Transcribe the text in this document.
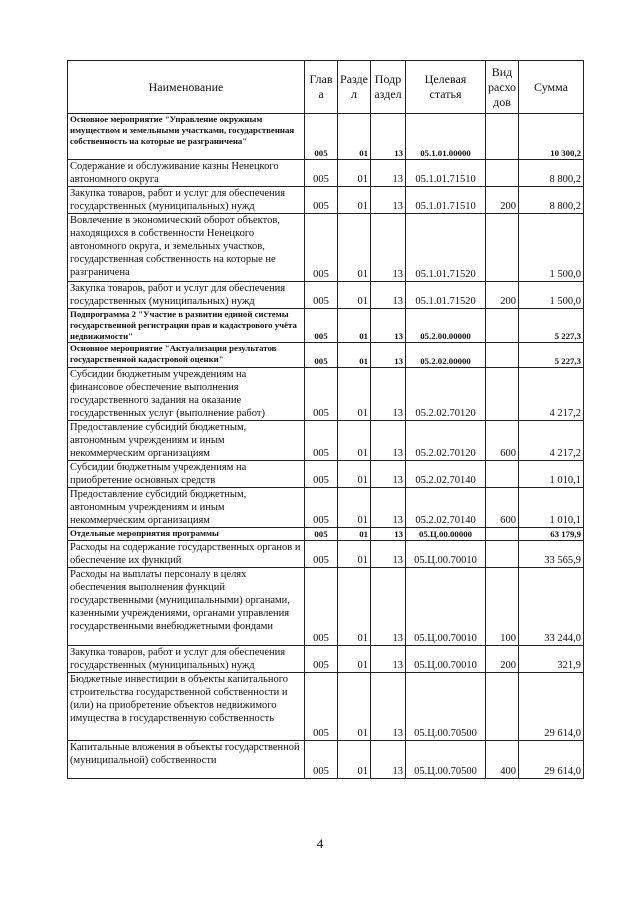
Наименование	Глав а	Разде л	Подр аздел	Целевая статья	Вид расхо дов	Сумма
Основное мероприятие "Управление окружным имуществом и земельными участками, государственная собственность на которые не разграничена"	005	01	13	05.1.01.00000		10 300,2
Содержание и обслуживание казны Ненецкого автономного округа	005	01	13	05.1.01.71510		8 800,2
Закупка товаров, работ и услуг для обеспечения государственных (муниципальных) нужд	005	01	13	05.1.01.71510	200	8 800,2
Вовлечение в экономический оборот объектов, находящихся в собственности Ненецкого автономного округа, и земельных участков, государственная собственность на которые не разграничена	005	01	13	05.1.01.71520		1 500,0
Закупка товаров, работ и услуг для обеспечения государственных (муниципальных) нужд	005	01	13	05.1.01.71520	200	1 500,0
Подпрограмма 2 "Участие в развитии единой системы государственной регистрации прав и кадастрового учёта недвижимости"	005	01	13	05.2.00.00000		5 227,3
Основное мероприятие "Актуализация результатов государственной кадастровой оценки"	005	01	13	05.2.02.00000		5 227,3
Субсидии бюджетным учреждениям на финансовое обеспечение выполнения государственного задания на оказание государственных услуг (выполнение работ)	005	01	13	05.2.02.70120		4 217,2
Предоставление субсидий бюджетным, автономным учреждениям и иным некоммерческим организациям	005	01	13	05.2.02.70120	600	4 217,2
Субсидии бюджетным учреждениям на приобретение основных средств	005	01	13	05.2.02.70140		1 010,1
Предоставление субсидий бюджетным, автономным учреждениям и иным некоммерческим организациям	005	01	13	05.2.02.70140	600	1 010,1
Отдельные мероприятия программы	005	01	13	05.Ц.00.00000		63 179,9
Расходы на содержание государственных органов и обеспечение их функций	005	01	13	05.Ц.00.70010		33 565,9
Расходы на выплаты персоналу в целях обеспечения выполнения функций государственными (муниципальными) органами, казенными учреждениями, органами управления государственными внебюджетными фондами	005	01	13	05.Ц.00.70010	100	33 244,0
Закупка товаров, работ и услуг для обеспечения государственных (муниципальных) нужд	005	01	13	05.Ц.00.70010	200	321,9
Бюджетные инвестиции в объекты капитального строительства государственной собственности и (или) на приобретение объектов недвижимого имущества в государственную собственность	005	01	13	05.Ц.00.70500		29 614,0
Капитальные вложения в объекты государственной (муниципальной) собственности	005	01	13	05.Ц.00.70500	400	29 614,0
4
